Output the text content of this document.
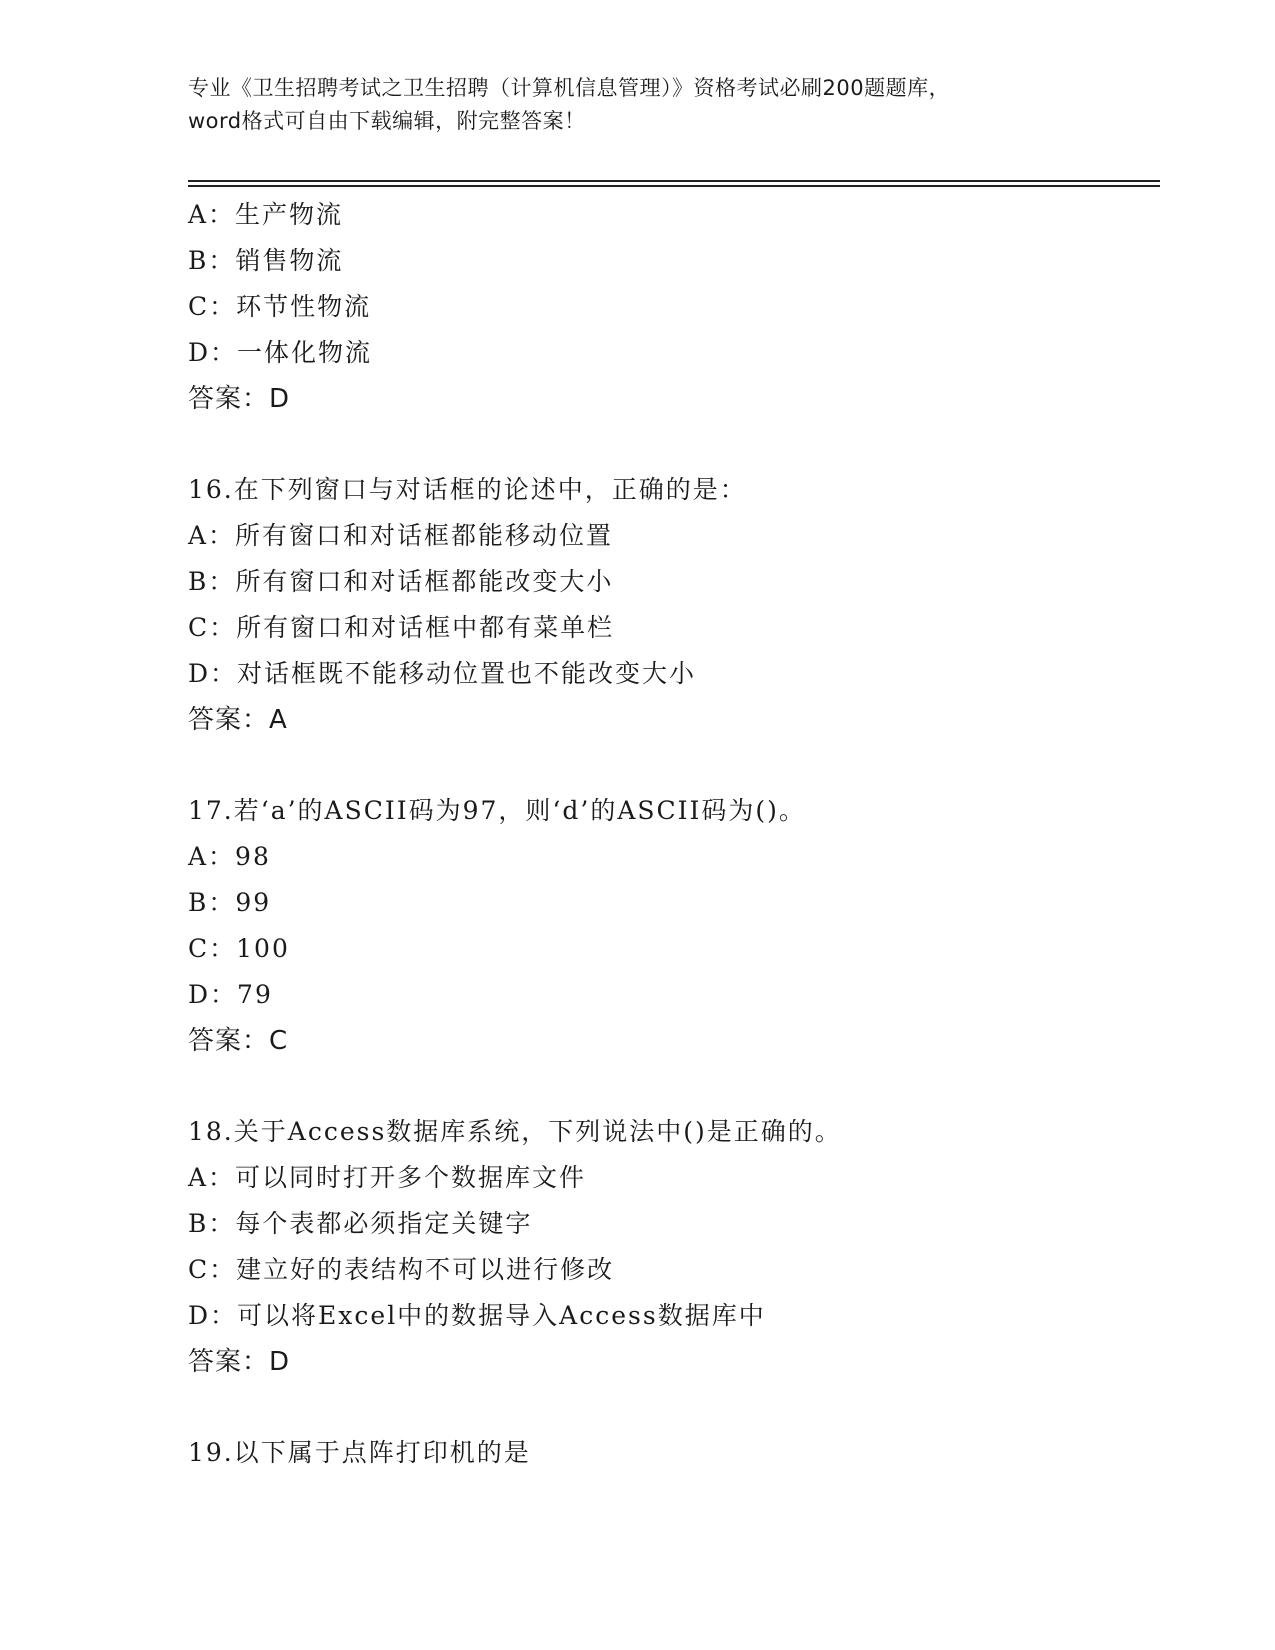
专业《卫生招聘考试之卫生招聘（计算机信息管理）》资格考试必刷200题题库，
word格式可自由下载编辑，附完整答案！
A：生产物流
B：销售物流
C：环节性物流
D：一体化物流
答案：D
16.在下列窗口与对话框的论述中，正确的是：
A：所有窗口和对话框都能移动位置
B：所有窗口和对话框都能改变大小
C：所有窗口和对话框中都有菜单栏
D：对话框既不能移动位置也不能改变大小
答案：A
17.若‘a’的ASCII码为97，则‘d’的ASCII码为()。
A：98
B：99
C：100
D：79
答案：C
18.关于Access数据库系统，下列说法中()是正确的。
A：可以同时打开多个数据库文件
B：每个表都必须指定关键字
C：建立好的表结构不可以进行修改
D：可以将Excel中的数据导入Access数据库中
答案：D
19.以下属于点阵打印机的是
